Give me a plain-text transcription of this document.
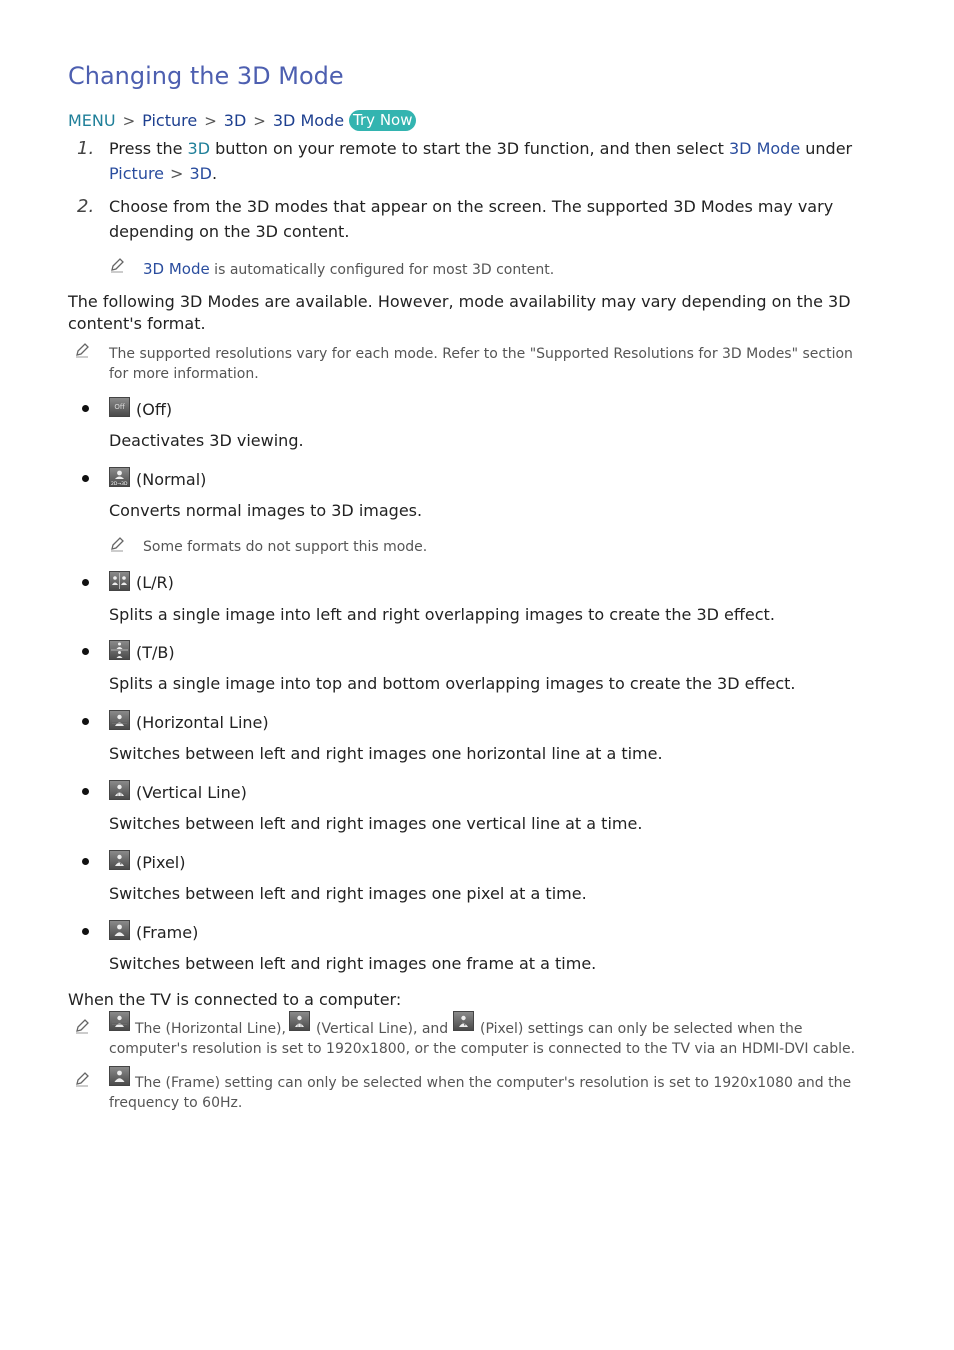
Changing the 3D Mode
MENU > Picture > 3D > 3D Mode Try Now
1. Press the 3D button on your remote to start the 3D function, and then select 3D Mode under
Picture > 3D.
2. Choose from the 3D modes that appear on the screen. The supported 3D Modes may vary
depending on the 3D content.
3D Mode is automatically configured for most 3D content.
The following 3D Modes are available. However, mode availability may vary depending on the 3D
content's format.
The supported resolutions vary for each mode. Refer to the "Supported Resolutions for 3D Modes" section
for more information.
Off (Off)
Deactivates 3D viewing.
2D→3D (Normal)
Converts normal images to 3D images.
Some formats do not support this mode.
(L/R)
Splits a single image into left and right overlapping images to create the 3D effect.
(T/B)
Splits a single image into top and bottom overlapping images to create the 3D effect.
(Horizontal Line)
Switches between left and right images one horizontal line at a time.
(Vertical Line)
Switches between left and right images one vertical line at a time.
(Pixel)
Switches between left and right images one pixel at a time.
(Frame)
Switches between left and right images one frame at a time.
When the TV is connected to a computer:
The (Horizontal Line), (Vertical Line), and (Pixel) settings can only be selected when the
computer's resolution is set to 1920x1800, or the computer is connected to the TV via an HDMI-DVI cable.
The (Frame) setting can only be selected when the computer's resolution is set to 1920x1080 and the
frequency to 60Hz.
